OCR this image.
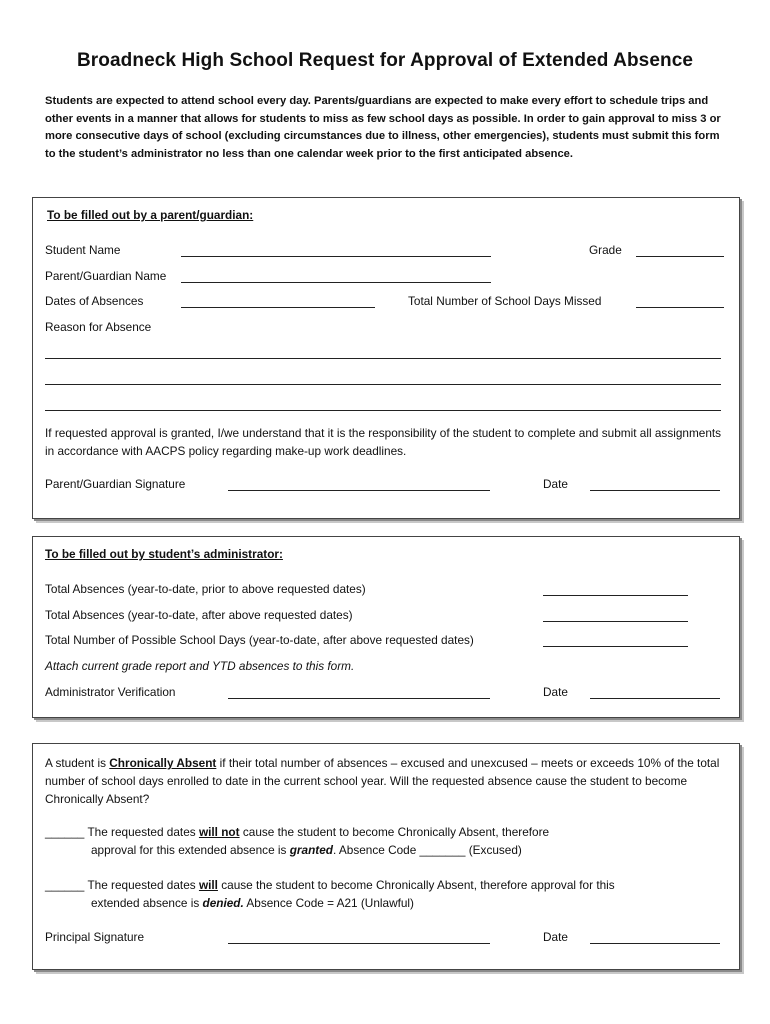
Broadneck High School Request for Approval of Extended Absence
Students are expected to attend school every day. Parents/guardians are expected to make every effort to schedule trips and other events in a manner that allows for students to miss as few school days as possible. In order to gain approval to miss 3 or more consecutive days of school (excluding circumstances due to illness, other emergencies), students must submit this form to the student’s administrator no less than one calendar week prior to the first anticipated absence.
To be filled out by a parent/guardian:
Student Name	Grade
Parent/Guardian Name
Dates of Absences	Total Number of School Days Missed
Reason for Absence
If requested approval is granted, I/we understand that it is the responsibility of the student to complete and submit all assignments in accordance with AACPS policy regarding make-up work deadlines.
Parent/Guardian Signature	Date
To be filled out by student’s administrator:
Total Absences (year-to-date, prior to above requested dates)
Total Absences (year-to-date, after above requested dates)
Total Number of Possible School Days (year-to-date, after above requested dates)
Attach current grade report and YTD absences to this form.
Administrator Verification	Date
A student is Chronically Absent if their total number of absences – excused and unexcused – meets or exceeds 10% of the total number of school days enrolled to date in the current school year. Will the requested absence cause the student to become Chronically Absent?
______ The requested dates will not cause the student to become Chronically Absent, therefore
approval for this extended absence is granted. Absence Code _______ (Excused)
______ The requested dates will cause the student to become Chronically Absent, therefore approval for this
extended absence is denied. Absence Code = A21 (Unlawful)
Principal Signature	Date
